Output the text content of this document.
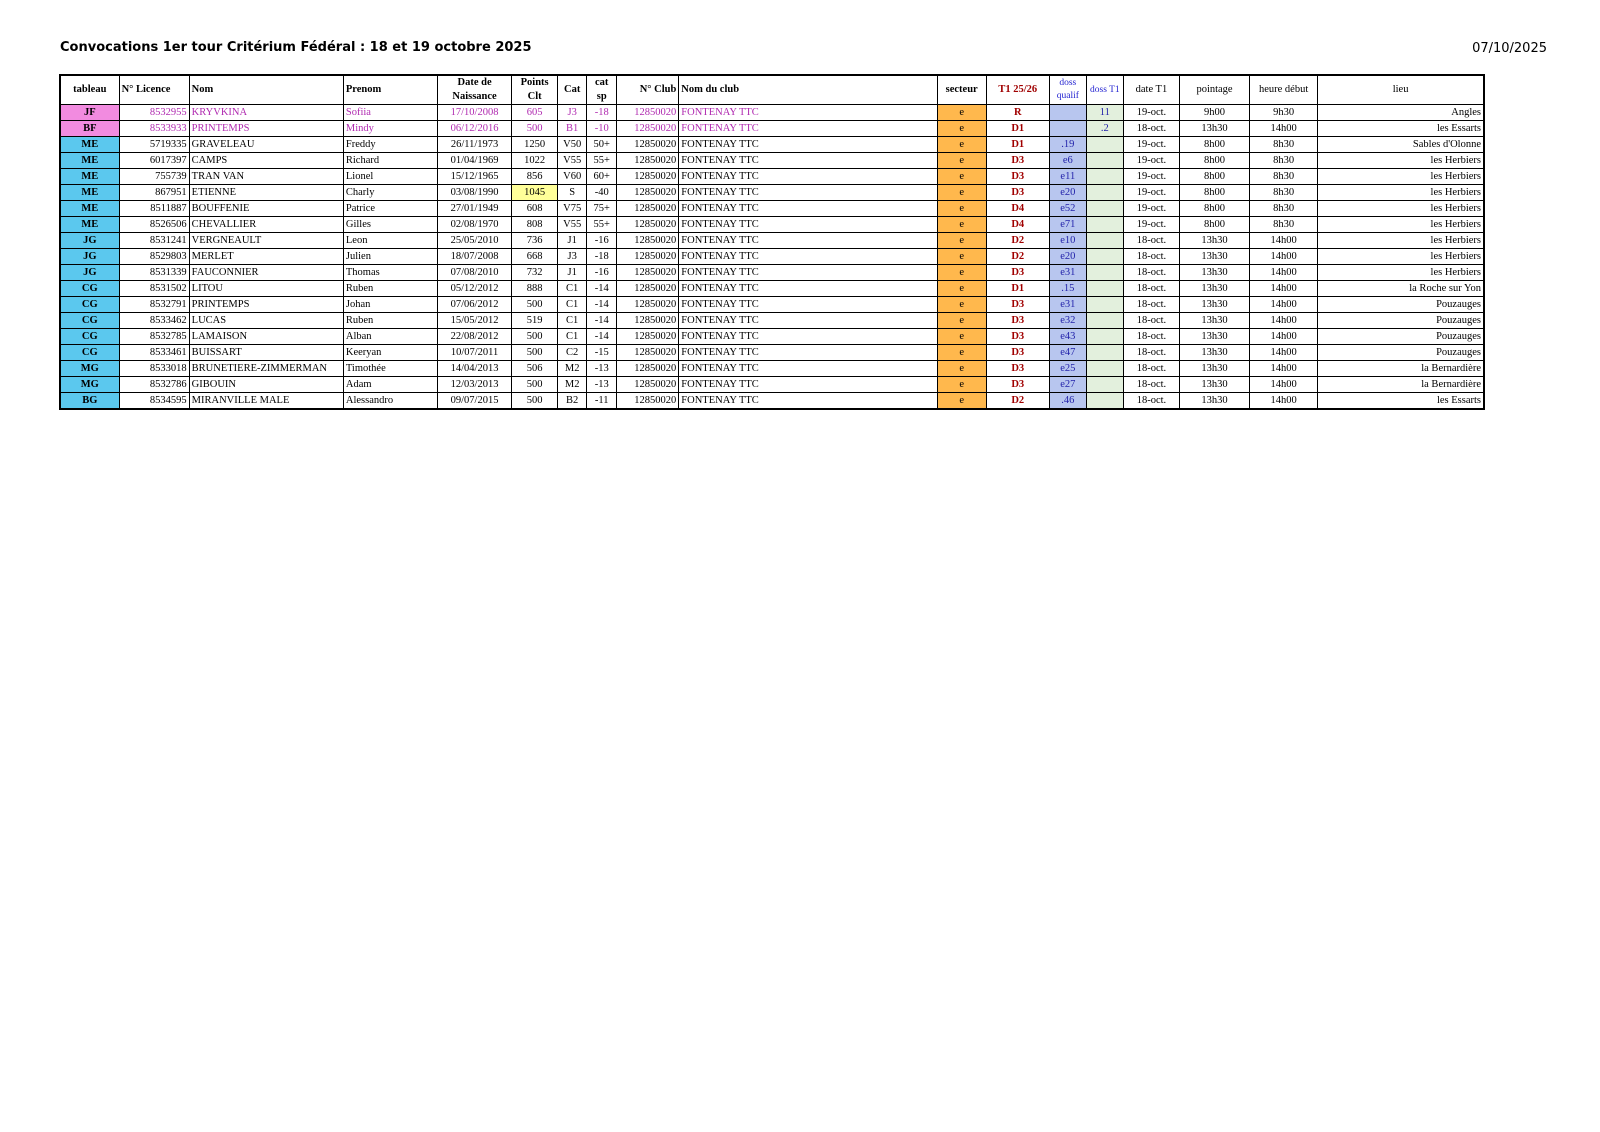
Convocations 1er tour Critérium Fédéral : 18 et 19 octobre 2025	07/10/2025
tableau	N° Licence	Nom	Prenom	Date de Naissance	Points Clt	Cat	cat sp	N° Club	Nom du club	secteur	T1 25/26	doss qualif	doss T1	date T1	pointage	heure début	lieu
JF	8532955	KRYVKINA	Sofiia	17/10/2008	605	J3	-18	12850020	FONTENAY TTC	e	R		11	19-oct.	9h00	9h30	Angles
BF	8533933	PRINTEMPS	Mindy	06/12/2016	500	B1	-10	12850020	FONTENAY TTC	e	D1		.2	18-oct.	13h30	14h00	les Essarts
ME	5719335	GRAVELEAU	Freddy	26/11/1973	1250	V50	50+	12850020	FONTENAY TTC	e	D1	.19		19-oct.	8h00	8h30	Sables d'Olonne
ME	6017397	CAMPS	Richard	01/04/1969	1022	V55	55+	12850020	FONTENAY TTC	e	D3	e6		19-oct.	8h00	8h30	les Herbiers
ME	755739	TRAN VAN	Lionel	15/12/1965	856	V60	60+	12850020	FONTENAY TTC	e	D3	e11		19-oct.	8h00	8h30	les Herbiers
ME	867951	ETIENNE	Charly	03/08/1990	1045	S	-40	12850020	FONTENAY TTC	e	D3	e20		19-oct.	8h00	8h30	les Herbiers
ME	8511887	BOUFFENIE	Patrice	27/01/1949	608	V75	75+	12850020	FONTENAY TTC	e	D4	e52		19-oct.	8h00	8h30	les Herbiers
ME	8526506	CHEVALLIER	Gilles	02/08/1970	808	V55	55+	12850020	FONTENAY TTC	e	D4	e71		19-oct.	8h00	8h30	les Herbiers
JG	8531241	VERGNEAULT	Leon	25/05/2010	736	J1	-16	12850020	FONTENAY TTC	e	D2	e10		18-oct.	13h30	14h00	les Herbiers
JG	8529803	MERLET	Julien	18/07/2008	668	J3	-18	12850020	FONTENAY TTC	e	D2	e20		18-oct.	13h30	14h00	les Herbiers
JG	8531339	FAUCONNIER	Thomas	07/08/2010	732	J1	-16	12850020	FONTENAY TTC	e	D3	e31		18-oct.	13h30	14h00	les Herbiers
CG	8531502	LITOU	Ruben	05/12/2012	888	C1	-14	12850020	FONTENAY TTC	e	D1	.15		18-oct.	13h30	14h00	la Roche sur Yon
CG	8532791	PRINTEMPS	Johan	07/06/2012	500	C1	-14	12850020	FONTENAY TTC	e	D3	e31		18-oct.	13h30	14h00	Pouzauges
CG	8533462	LUCAS	Ruben	15/05/2012	519	C1	-14	12850020	FONTENAY TTC	e	D3	e32		18-oct.	13h30	14h00	Pouzauges
CG	8532785	LAMAISON	Alban	22/08/2012	500	C1	-14	12850020	FONTENAY TTC	e	D3	e43		18-oct.	13h30	14h00	Pouzauges
CG	8533461	BUISSART	Keeryan	10/07/2011	500	C2	-15	12850020	FONTENAY TTC	e	D3	e47		18-oct.	13h30	14h00	Pouzauges
MG	8533018	BRUNETIERE-ZIMMERMAN	Timothée	14/04/2013	506	M2	-13	12850020	FONTENAY TTC	e	D3	e25		18-oct.	13h30	14h00	la Bernardière
MG	8532786	GIBOUIN	Adam	12/03/2013	500	M2	-13	12850020	FONTENAY TTC	e	D3	e27		18-oct.	13h30	14h00	la Bernardière
BG	8534595	MIRANVILLE MALE	Alessandro	09/07/2015	500	B2	-11	12850020	FONTENAY TTC	e	D2	.46		18-oct.	13h30	14h00	les Essarts
